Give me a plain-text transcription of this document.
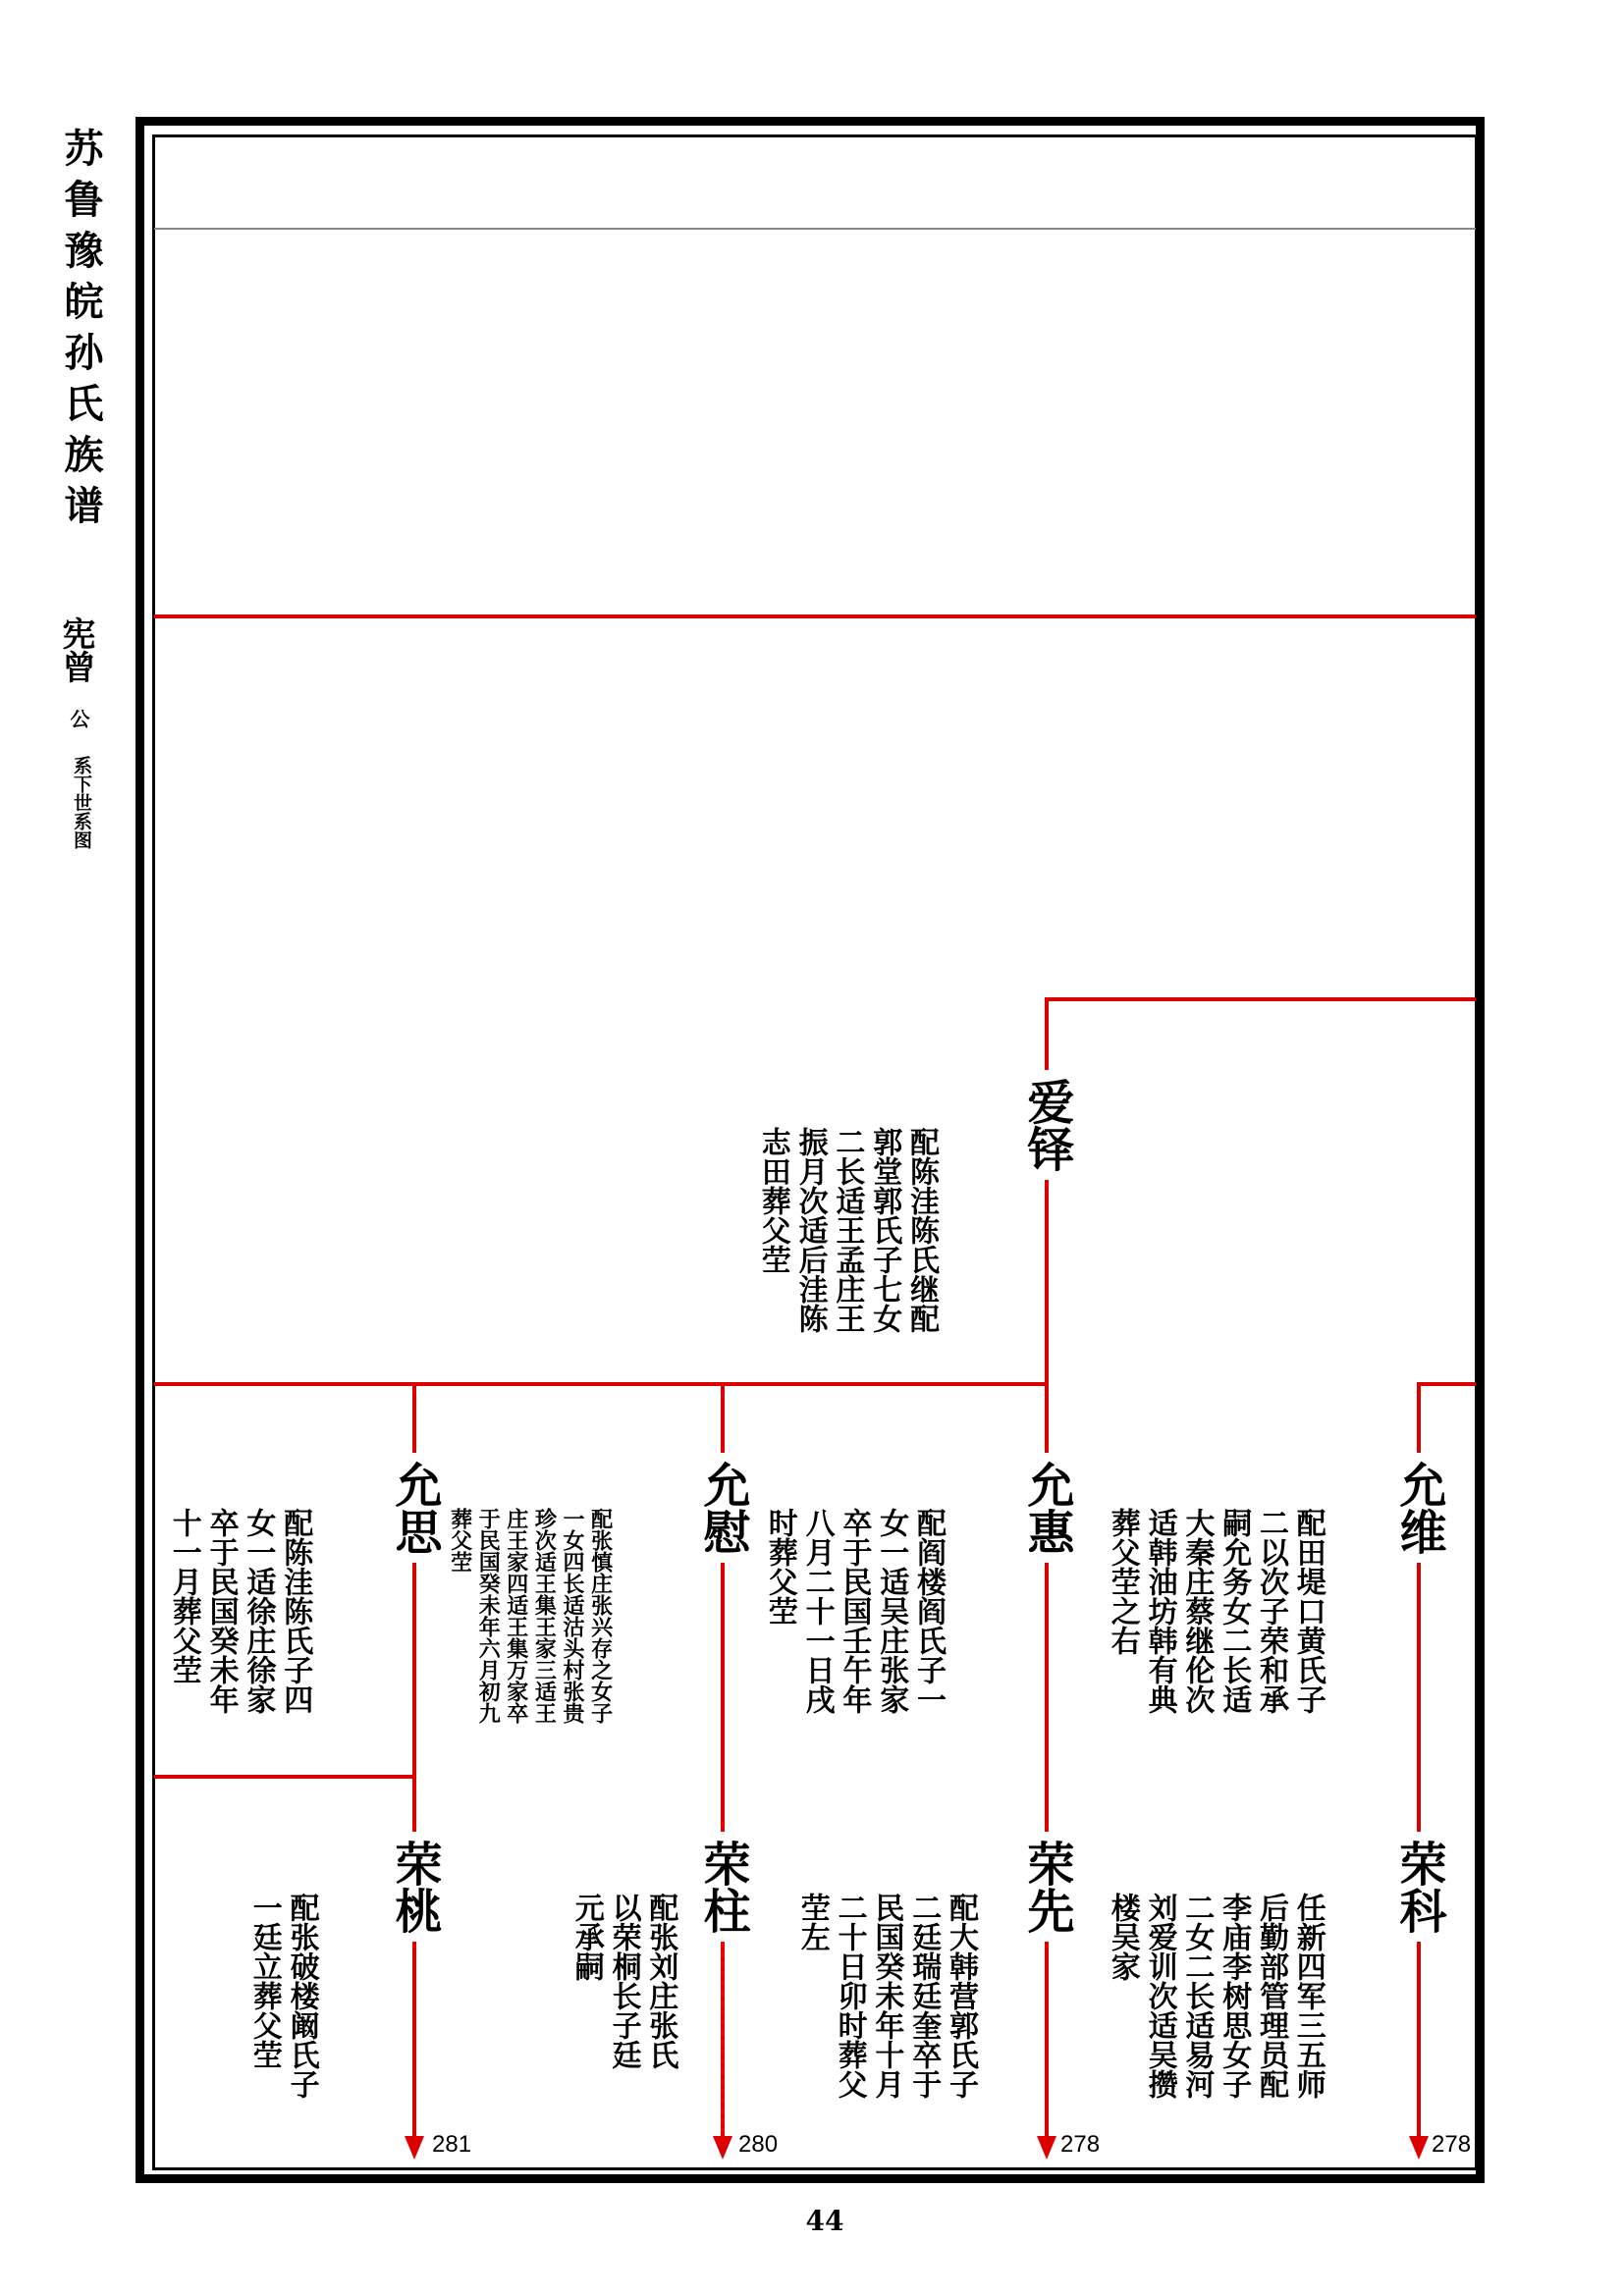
苏鲁豫皖孙氏族谱
宪曾
公
系下世系图
爱铎
配陈洼陈氏继配郭堂郭氏子七女二长适王孟庄王振月次适后洼陈志田葬父茔
允维
配田堤口黄氏子二以次子荣和承嗣允务女二长适大秦庄蔡继伦次适韩油坊韩有典葬父茔之右
允惠
配阎楼阎氏子一女一适吴庄张家卒于民国壬午年八月二十一日戌时葬父茔
允慰
配张慎庄张兴存之女子一女四长适沽头村张贵珍次适王集王家三适王庄王家四适王集万家卒于民国癸未年六月初九葬父茔
允思
配陈洼陈氏子四女一适徐庄徐家卒于民国癸未年十一月葬父茔
荣科
任新四军三五师后勤部管理员配李庙李树思女子二女二长适易河刘爱训次适吴攒楼吴家
278
荣先
配大韩营郭氏子二廷瑞廷奎卒于民国癸未年十月二十日卯时葬父茔左
278
荣柱
配张刘庄张氏以荣桐长子廷元承嗣
280
荣桃
配张破楼阚氏子一廷立葬父茔
281
44
